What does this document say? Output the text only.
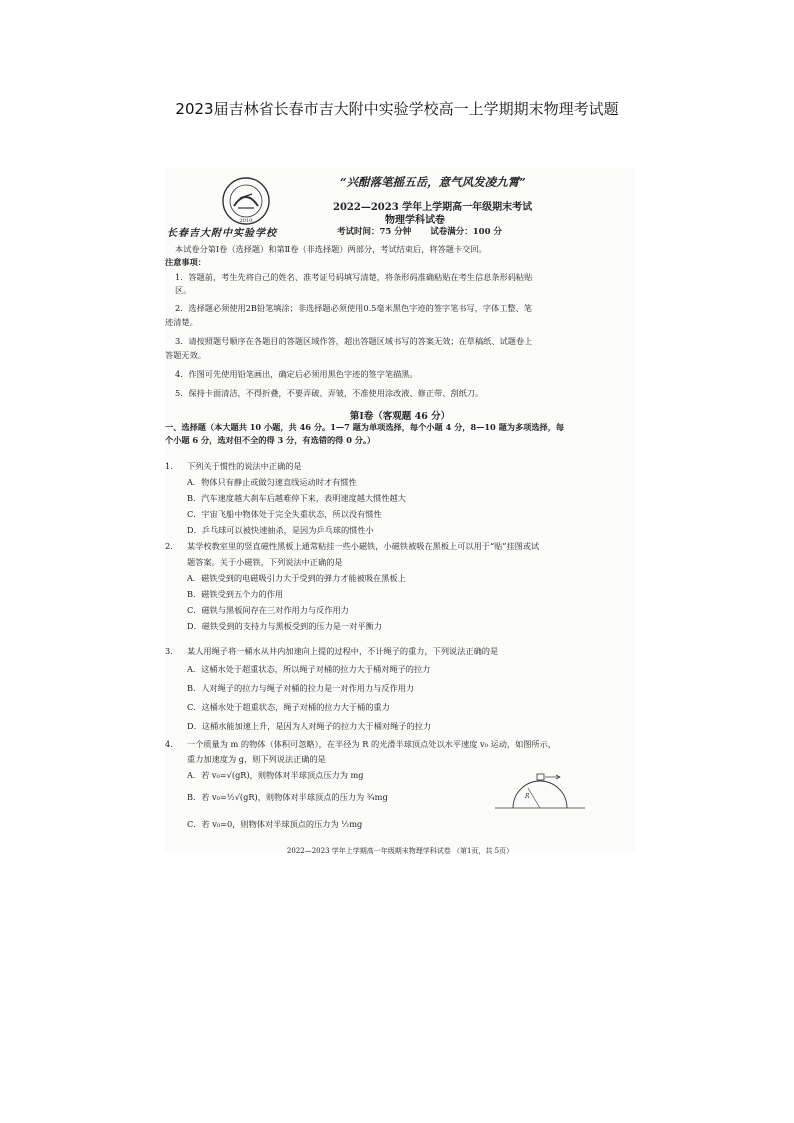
2023届吉林省长春市吉大附中实验学校高一上学期期末物理考试题
2010
长春吉大附中实验学校
“兴酣落笔摇五岳，意气风发凌九霄”
2022—2023 学年上学期高一年级期末考试
物理学科试卷
考试时间：75 分钟 试卷满分：100 分
本试卷分第Ⅰ卷（选择题）和第Ⅱ卷（非选择题）两部分，考试结束后，将答题卡交回。
注意事项：
1．答题前，考生先将自己的姓名、准考证号码填写清楚，将条形码准确粘贴在考生信息条形码粘贴
区。
2．选择题必须使用2B铅笔填涂；非选择题必须使用0.5毫米黑色字迹的签字笔书写，字体工整、笔
迹清楚。
3．请按照题号顺序在各题目的答题区域作答，超出答题区域书写的答案无效；在草稿纸、试题卷上
答题无效。
4．作图可先使用铅笔画出，确定后必须用黑色字迹的签字笔描黑。
5．保持卡面清洁，不得折叠，不要弄破、弄皱，不准使用涂改液、修正带、刮纸刀。
第Ⅰ卷（客观题 46 分）
一、选择题（本大题共 10 小题，共 46 分。1—7 题为单项选择，每个小题 4 分，8—10 题为多项选择，每
个小题 6 分，选对但不全的得 3 分，有选错的得 0 分。）
1. 下列关于惯性的说法中正确的是
A．物体只有静止或做匀速直线运动时才有惯性
B．汽车速度越大刹车后越难停下来，表明速度越大惯性越大
C．宇宙飞船中物体处于完全失重状态，所以没有惯性
D．乒乓球可以被快速抽杀，是因为乒乓球的惯性小
2. 某学校教室里的竖直磁性黑板上通常粘挂一些小磁铁，小磁铁被吸在黑板上可以用于“贴”挂图或试
题答案。关于小磁铁，下列说法中正确的是
A．磁铁受到的电磁吸引力大于受到的弹力才能被吸在黑板上
B．磁铁受到五个力的作用
C．磁铁与黑板间存在三对作用力与反作用力
D．磁铁受到的支持力与黑板受到的压力是一对平衡力
3. 某人用绳子将一桶水从井内加速向上提的过程中，不计绳子的重力，下列说法正确的是
A．这桶水处于超重状态，所以绳子对桶的拉力大于桶对绳子的拉力
B．人对绳子的拉力与绳子对桶的拉力是一对作用力与反作用力
C．这桶水处于超重状态，绳子对桶的拉力大于桶的重力
D．这桶水能加速上升，是因为人对绳子的拉力大于桶对绳子的拉力
4. 一个质量为 m 的物体（体积可忽略），在半径为 R 的光滑半球顶点处以水平速度 v₀ 运动，如图所示，
重力加速度为 g，则下列说法正确的是
A．若 v₀=√(gR)，则物体对半球顶点压力为 mg
B．若 v₀=½√(gR)，则物体对半球顶点的压力为 ¾mg
C．若 v₀=0，则物体对半球顶点的压力为 ½mg
R
2022—2023 学年上学期高一年级期末物理学科试卷 （第1页，共 5页）
